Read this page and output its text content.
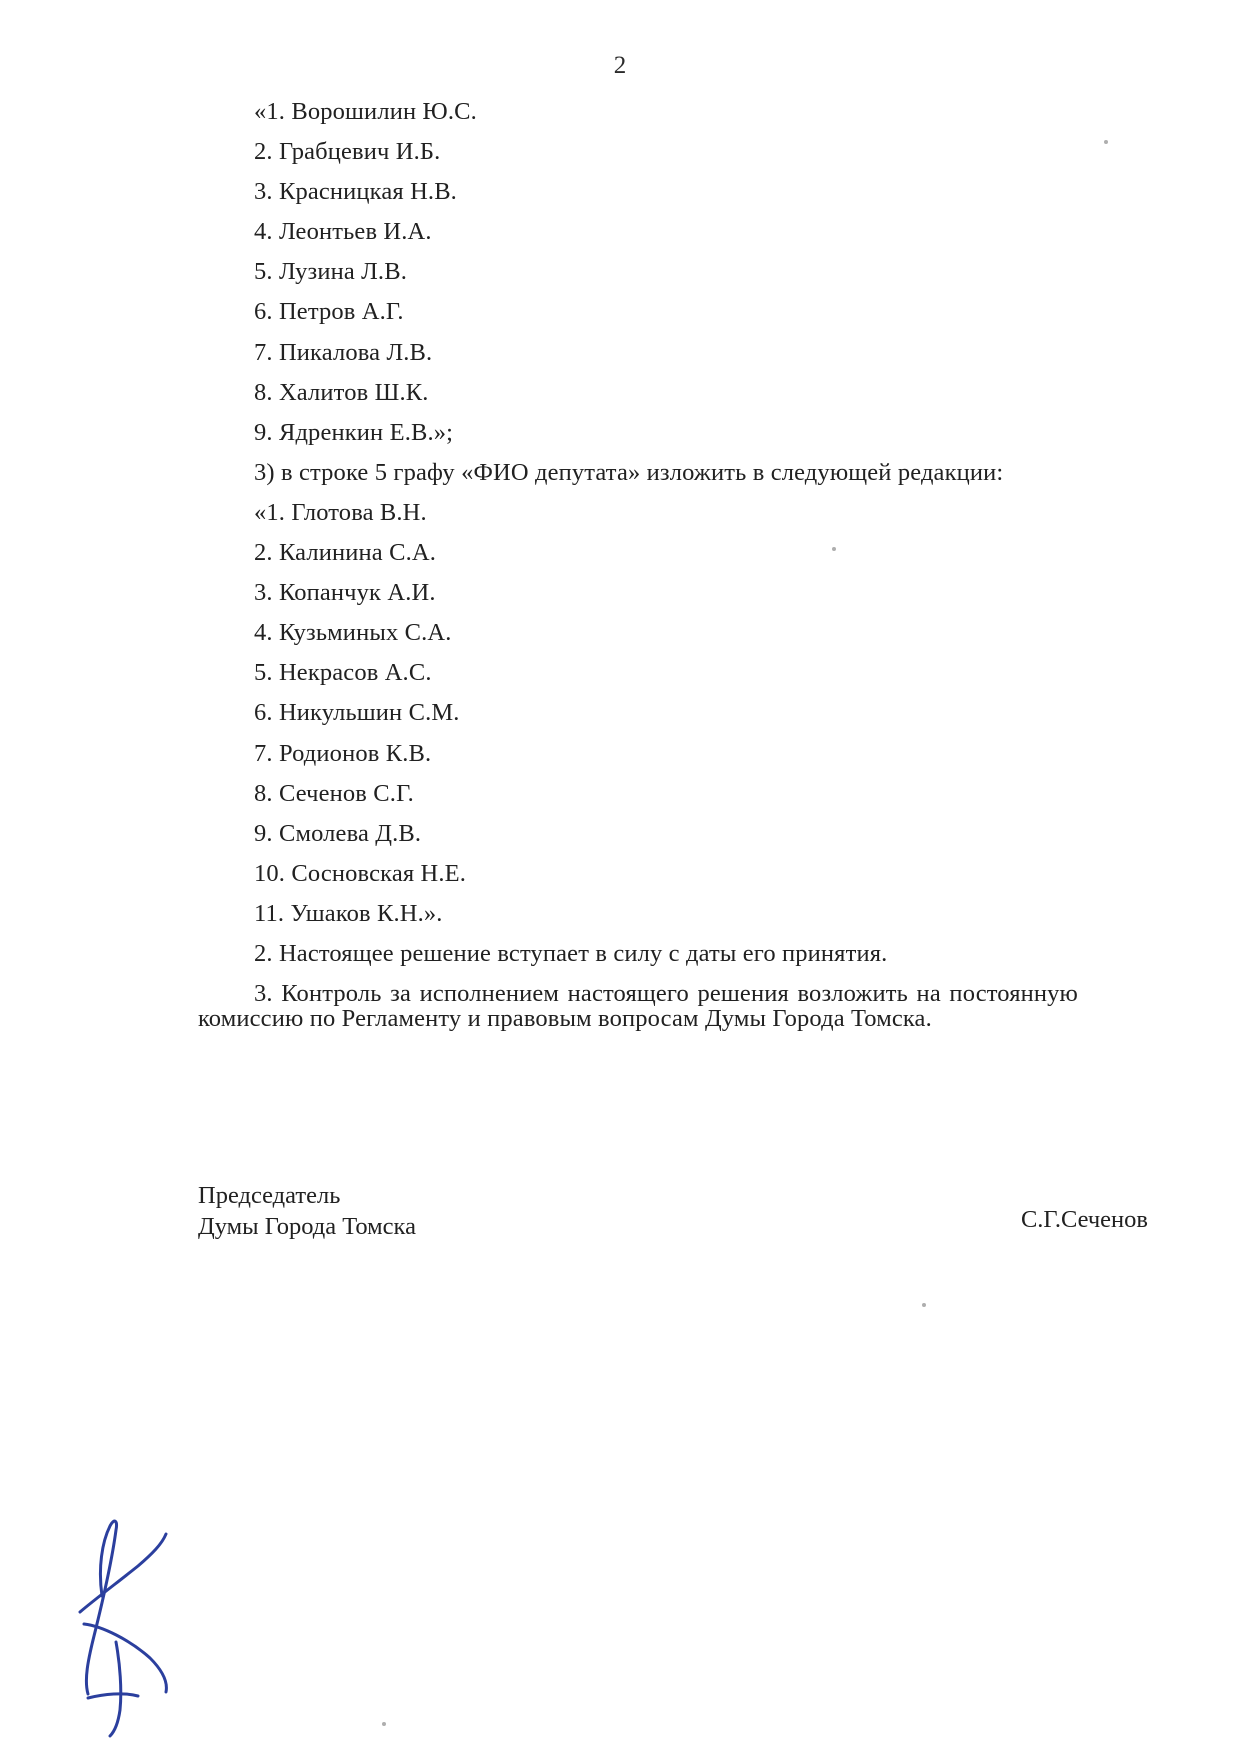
2

«1. Ворошилин Ю.С.

2. Грабцевич И.Б.

3. Красницкая Н.В.

4. Леонтьев И.А.

5. Лузина Л.В.

6. Петров А.Г.

7. Пикалова Л.В.

8. Халитов Ш.К.

9. Ядренкин Е.В.»;

3) в строке 5 графу «ФИО депутата» изложить в следующей редакции:

«1. Глотова В.Н.

2. Калинина С.А.

3. Копанчук А.И.

4. Кузьминых С.А.

5. Некрасов А.С.

6. Никульшин С.М.

7. Родионов К.В.

8. Сеченов С.Г.

9. Смолева Д.В.

10. Сосновская Н.Е.

11. Ушаков К.Н.».

2. Настоящее решение вступает в силу с даты его принятия.

3. Контроль за исполнением настоящего решения возложить на постоянную комиссию по Регламенту и правовым вопросам Думы Города Томска.

Председатель
Думы Города Томска	С.Г.Сеченов
